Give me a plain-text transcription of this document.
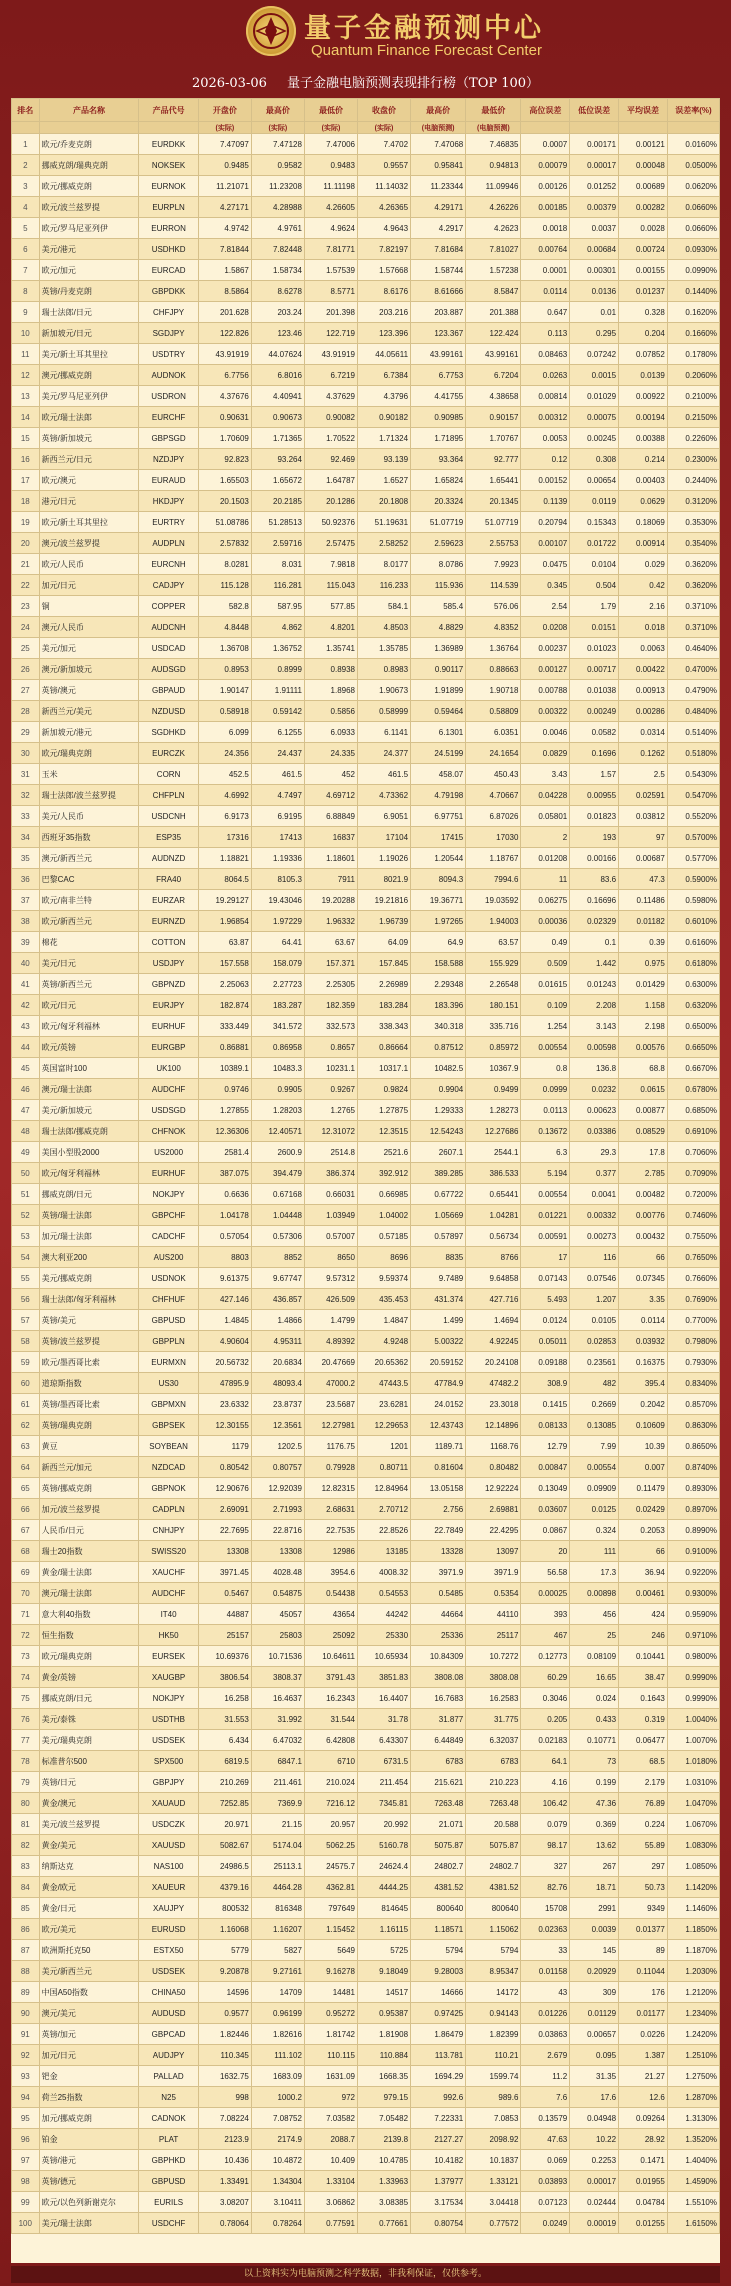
量子金融预测中心
Quantum Finance Forecast Center
2026-03-06 量子金融电脑预测表现排行榜（TOP 100）
排名	产品名称	产品代号	开盘价	最高价	最低价	收盘价	最高价	最低价	高位误差	低位误差	平均误差	误差率(%)
			(实际)	(实际)	(实际)	(实际)	(电脑预测)	(电脑预测)				
1	欧元/乔麦克朗	EURDKK	7.47097	7.47128	7.47006	7.4702	7.47068	7.46835	0.0007	0.00171	0.00121	0.0160%
2	挪威克朗/瑞典克朗	NOKSEK	0.9485	0.9582	0.9483	0.9557	0.95841	0.94813	0.00079	0.00017	0.00048	0.0500%
3	欧元/挪威克朗	EURNOK	11.21071	11.23208	11.11198	11.14032	11.23344	11.09946	0.00126	0.01252	0.00689	0.0620%
4	欧元/波兰兹罗提	EURPLN	4.27171	4.28988	4.26605	4.26365	4.29171	4.26226	0.00185	0.00379	0.00282	0.0660%
5	欧元/罗马尼亚列伊	EURRON	4.9742	4.9761	4.9624	4.9643	4.2917	4.2623	0.0018	0.0037	0.0028	0.0660%
6	美元/港元	USDHKD	7.81844	7.82448	7.81771	7.82197	7.81684	7.81027	0.00764	0.00684	0.00724	0.0930%
7	欧元/加元	EURCAD	1.5867	1.58734	1.57539	1.57668	1.58744	1.57238	0.0001	0.00301	0.00155	0.0990%
8	英镑/丹麦克朗	GBPDKK	8.5864	8.6278	8.5771	8.6176	8.61666	8.5847	0.0114	0.0136	0.01237	0.1440%
9	瑞士法郎/日元	CHFJPY	201.628	203.24	201.398	203.216	203.887	201.388	0.647	0.01	0.328	0.1620%
10	新加坡元/日元	SGDJPY	122.826	123.46	122.719	123.396	123.367	122.424	0.113	0.295	0.204	0.1660%
11	美元/新土耳其里拉	USDTRY	43.91919	44.07624	43.91919	44.05611	43.99161	43.99161	0.08463	0.07242	0.07852	0.1780%
12	澳元/挪威克朗	AUDNOK	6.7756	6.8016	6.7219	6.7384	6.7753	6.7204	0.0263	0.0015	0.0139	0.2060%
13	美元/罗马尼亚列伊	USDRON	4.37676	4.40941	4.37629	4.3796	4.41755	4.38658	0.00814	0.01029	0.00922	0.2100%
14	欧元/瑞士法郎	EURCHF	0.90631	0.90673	0.90082	0.90182	0.90985	0.90157	0.00312	0.00075	0.00194	0.2150%
15	英镑/新加坡元	GBPSGD	1.70609	1.71365	1.70522	1.71324	1.71895	1.70767	0.0053	0.00245	0.00388	0.2260%
16	新西兰元/日元	NZDJPY	92.823	93.264	92.469	93.139	93.364	92.777	0.12	0.308	0.214	0.2300%
17	欧元/澳元	EURAUD	1.65503	1.65672	1.64787	1.6527	1.65824	1.65441	0.00152	0.00654	0.00403	0.2440%
18	港元/日元	HKDJPY	20.1503	20.2185	20.1286	20.1808	20.3324	20.1345	0.1139	0.0119	0.0629	0.3120%
19	欧元/新土耳其里拉	EURTRY	51.08786	51.28513	50.92376	51.19631	51.07719	51.07719	0.20794	0.15343	0.18069	0.3530%
20	澳元/波兰兹罗提	AUDPLN	2.57832	2.59716	2.57475	2.58252	2.59623	2.55753	0.00107	0.01722	0.00914	0.3540%
21	欧元/人民币	EURCNH	8.0281	8.031	7.9818	8.0177	8.0786	7.9923	0.0475	0.0104	0.029	0.3620%
22	加元/日元	CADJPY	115.128	116.281	115.043	116.233	115.936	114.539	0.345	0.504	0.42	0.3620%
23	铜	COPPER	582.8	587.95	577.85	584.1	585.4	576.06	2.54	1.79	2.16	0.3710%
24	澳元/人民币	AUDCNH	4.8448	4.862	4.8201	4.8503	4.8829	4.8352	0.0208	0.0151	0.018	0.3710%
25	美元/加元	USDCAD	1.36708	1.36752	1.35741	1.35785	1.36989	1.36764	0.00237	0.01023	0.0063	0.4640%
26	澳元/新加坡元	AUDSGD	0.8953	0.8999	0.8938	0.8983	0.90117	0.88663	0.00127	0.00717	0.00422	0.4700%
27	英镑/澳元	GBPAUD	1.90147	1.91111	1.8968	1.90673	1.91899	1.90718	0.00788	0.01038	0.00913	0.4790%
28	新西兰元/美元	NZDUSD	0.58918	0.59142	0.5856	0.58999	0.59464	0.58809	0.00322	0.00249	0.00286	0.4840%
29	新加坡元/港元	SGDHKD	6.099	6.1255	6.0933	6.1141	6.1301	6.0351	0.0046	0.0582	0.0314	0.5140%
30	欧元/瑞典克朗	EURCZK	24.356	24.437	24.335	24.377	24.5199	24.1654	0.0829	0.1696	0.1262	0.5180%
31	玉米	CORN	452.5	461.5	452	461.5	458.07	450.43	3.43	1.57	2.5	0.5430%
32	瑞士法郎/波兰兹罗提	CHFPLN	4.6992	4.7497	4.69712	4.73362	4.79198	4.70667	0.04228	0.00955	0.02591	0.5470%
33	美元/人民币	USDCNH	6.9173	6.9195	6.88849	6.9051	6.97751	6.87026	0.05801	0.01823	0.03812	0.5520%
34	西班牙35指数	ESP35	17316	17413	16837	17104	17415	17030	2	193	97	0.5700%
35	澳元/新西兰元	AUDNZD	1.18821	1.19336	1.18601	1.19026	1.20544	1.18767	0.01208	0.00166	0.00687	0.5770%
36	巴黎CAC	FRA40	8064.5	8105.3	7911	8021.9	8094.3	7994.6	11	83.6	47.3	0.5900%
37	欧元/南非兰特	EURZAR	19.29127	19.43046	19.20288	19.21816	19.36771	19.03592	0.06275	0.16696	0.11486	0.5980%
38	欧元/新西兰元	EURNZD	1.96854	1.97229	1.96332	1.96739	1.97265	1.94003	0.00036	0.02329	0.01182	0.6010%
39	棉花	COTTON	63.87	64.41	63.67	64.09	64.9	63.57	0.49	0.1	0.39	0.6160%
40	美元/日元	USDJPY	157.558	158.079	157.371	157.845	158.588	155.929	0.509	1.442	0.975	0.6180%
41	英镑/新西兰元	GBPNZD	2.25063	2.27723	2.25305	2.26989	2.29348	2.26548	0.01615	0.01243	0.01429	0.6300%
42	欧元/日元	EURJPY	182.874	183.287	182.359	183.284	183.396	180.151	0.109	2.208	1.158	0.6320%
43	欧元/匈牙利福林	EURHUF	333.449	341.572	332.573	338.343	340.318	335.716	1.254	3.143	2.198	0.6500%
44	欧元/英镑	EURGBP	0.86881	0.86958	0.8657	0.86664	0.87512	0.85972	0.00554	0.00598	0.00576	0.6650%
45	英国富时100	UK100	10389.1	10483.3	10231.1	10317.1	10482.5	10367.9	0.8	136.8	68.8	0.6670%
46	澳元/瑞士法郎	AUDCHF	0.9746	0.9905	0.9267	0.9824	0.9904	0.9499	0.0999	0.0232	0.0615	0.6780%
47	美元/新加坡元	USDSGD	1.27855	1.28203	1.2765	1.27875	1.29333	1.28273	0.0113	0.00623	0.00877	0.6850%
48	瑞士法郎/挪威克朗	CHFNOK	12.36306	12.40571	12.31072	12.3515	12.54243	12.27686	0.13672	0.03386	0.08529	0.6910%
49	美国小型股2000	US2000	2581.4	2600.9	2514.8	2521.6	2607.1	2544.1	6.3	29.3	17.8	0.7060%
50	欧元/匈牙利福林	EURHUF	387.075	394.479	386.374	392.912	389.285	386.533	5.194	0.377	2.785	0.7090%
51	挪威克朗/日元	NOKJPY	0.6636	0.67168	0.66031	0.66985	0.67722	0.65441	0.00554	0.0041	0.00482	0.7200%
52	英镑/瑞士法郎	GBPCHF	1.04178	1.04448	1.03949	1.04002	1.05669	1.04281	0.01221	0.00332	0.00776	0.7460%
53	加元/瑞士法郎	CADCHF	0.57054	0.57306	0.57007	0.57185	0.57897	0.56734	0.00591	0.00273	0.00432	0.7550%
54	澳大利亚200	AUS200	8803	8852	8650	8696	8835	8766	17	116	66	0.7650%
55	美元/挪威克朗	USDNOK	9.61375	9.67747	9.57312	9.59374	9.7489	9.64858	0.07143	0.07546	0.07345	0.7660%
56	瑞士法郎/匈牙利福林	CHFHUF	427.146	436.857	426.509	435.453	431.374	427.716	5.493	1.207	3.35	0.7690%
57	英镑/美元	GBPUSD	1.4845	1.4866	1.4799	1.4847	1.499	1.4694	0.0124	0.0105	0.0114	0.7700%
58	英镑/波兰兹罗提	GBPPLN	4.90604	4.95311	4.89392	4.9248	5.00322	4.92245	0.05011	0.02853	0.03932	0.7980%
59	欧元/墨西哥比索	EURMXN	20.56732	20.6834	20.47669	20.65362	20.59152	20.24108	0.09188	0.23561	0.16375	0.7930%
60	道琼斯指数	US30	47895.9	48093.4	47000.2	47443.5	47784.9	47482.2	308.9	482	395.4	0.8340%
61	英镑/墨西哥比索	GBPMXN	23.6332	23.8737	23.5687	23.6281	24.0152	23.3018	0.1415	0.2669	0.2042	0.8570%
62	英镑/瑞典克朗	GBPSEK	12.30155	12.3561	12.27981	12.29653	12.43743	12.14896	0.08133	0.13085	0.10609	0.8630%
63	黄豆	SOYBEAN	1179	1202.5	1176.75	1201	1189.71	1168.76	12.79	7.99	10.39	0.8650%
64	新西兰元/加元	NZDCAD	0.80542	0.80757	0.79928	0.80711	0.81604	0.80482	0.00847	0.00554	0.007	0.8740%
65	英镑/挪威克朗	GBPNOK	12.90676	12.92039	12.82315	12.84964	13.05158	12.92224	0.13049	0.09909	0.11479	0.8930%
66	加元/波兰兹罗提	CADPLN	2.69091	2.71993	2.68631	2.70712	2.756	2.69881	0.03607	0.0125	0.02429	0.8970%
67	人民币/日元	CNHJPY	22.7695	22.8716	22.7535	22.8526	22.7849	22.4295	0.0867	0.324	0.2053	0.8990%
68	瑞士20指数	SWISS20	13308	13308	12986	13185	13328	13097	20	111	66	0.9100%
69	黄金/瑞士法郎	XAUCHF	3971.45	4028.48	3954.6	4008.32	3971.9	3971.9	56.58	17.3	36.94	0.9220%
70	澳元/瑞士法郎	AUDCHF	0.5467	0.54875	0.54438	0.54553	0.5485	0.5354	0.00025	0.00898	0.00461	0.9300%
71	意大利40指数	IT40	44887	45057	43654	44242	44664	44110	393	456	424	0.9590%
72	恒生指数	HK50	25157	25803	25092	25330	25336	25117	467	25	246	0.9710%
73	欧元/瑞典克朗	EURSEK	10.69376	10.71536	10.64611	10.65934	10.84309	10.7272	0.12773	0.08109	0.10441	0.9800%
74	黄金/英镑	XAUGBP	3806.54	3808.37	3791.43	3851.83	3808.08	3808.08	60.29	16.65	38.47	0.9990%
75	挪威克朗/日元	NOKJPY	16.258	16.4637	16.2343	16.4407	16.7683	16.2583	0.3046	0.024	0.1643	0.9990%
76	美元/泰铢	USDTHB	31.553	31.992	31.544	31.78	31.877	31.775	0.205	0.433	0.319	1.0040%
77	美元/瑞典克朗	USDSEK	6.434	6.47032	6.42808	6.43307	6.44849	6.32037	0.02183	0.10771	0.06477	1.0070%
78	标准普尔500	SPX500	6819.5	6847.1	6710	6731.5	6783	6783	64.1	73	68.5	1.0180%
79	英镑/日元	GBPJPY	210.269	211.461	210.024	211.454	215.621	210.223	4.16	0.199	2.179	1.0310%
80	黄金/澳元	XAUAUD	7252.85	7369.9	7216.12	7345.81	7263.48	7263.48	106.42	47.36	76.89	1.0470%
81	美元/波兰兹罗提	USDCZK	20.971	21.15	20.957	20.992	21.071	20.588	0.079	0.369	0.224	1.0670%
82	黄金/美元	XAUUSD	5082.67	5174.04	5062.25	5160.78	5075.87	5075.87	98.17	13.62	55.89	1.0830%
83	纳斯达克	NAS100	24986.5	25113.1	24575.7	24624.4	24802.7	24802.7	327	267	297	1.0850%
84	黄金/欧元	XAUEUR	4379.16	4464.28	4362.81	4444.25	4381.52	4381.52	82.76	18.71	50.73	1.1420%
85	黄金/日元	XAUJPY	800532	816348	797649	814645	800640	800640	15708	2991	9349	1.1460%
86	欧元/美元	EURUSD	1.16068	1.16207	1.15452	1.16115	1.18571	1.15062	0.02363	0.0039	0.01377	1.1850%
87	欧洲斯托克50	ESTX50	5779	5827	5649	5725	5794	5794	33	145	89	1.1870%
88	美元/新西兰元	USDSEK	9.20878	9.27161	9.16278	9.18049	9.28003	8.95347	0.01158	0.20929	0.11044	1.2030%
89	中国A50指数	CHINA50	14596	14709	14481	14517	14666	14172	43	309	176	1.2120%
90	澳元/美元	AUDUSD	0.9577	0.96199	0.95272	0.95387	0.97425	0.94143	0.01226	0.01129	0.01177	1.2340%
91	英镑/加元	GBPCAD	1.82446	1.82616	1.81742	1.81908	1.86479	1.82399	0.03863	0.00657	0.0226	1.2420%
92	加元/日元	AUDJPY	110.345	111.102	110.115	110.884	113.781	110.21	2.679	0.095	1.387	1.2510%
93	钯金	PALLAD	1632.75	1683.09	1631.09	1668.35	1694.29	1599.74	11.2	31.35	21.27	1.2750%
94	荷兰25指数	N25	998	1000.2	972	979.15	992.6	989.6	7.6	17.6	12.6	1.2870%
95	加元/挪威克朗	CADNOK	7.08224	7.08752	7.03582	7.05482	7.22331	7.0853	0.13579	0.04948	0.09264	1.3130%
96	铂金	PLAT	2123.9	2174.9	2088.7	2139.8	2127.27	2098.92	47.63	10.22	28.92	1.3520%
97	英镑/港元	GBPHKD	10.436	10.4872	10.409	10.4785	10.4182	10.1837	0.069	0.2253	0.1471	1.4040%
98	英镑/德元	GBPUSD	1.33491	1.34304	1.33104	1.33963	1.37977	1.33121	0.03893	0.00017	0.01955	1.4590%
99	欧元/以色列新谢克尔	EURILS	3.08207	3.10411	3.06862	3.08385	3.17534	3.04418	0.07123	0.02444	0.04784	1.5510%
100	美元/瑞士法郎	USDCHF	0.78064	0.78264	0.77591	0.77661	0.80754	0.77572	0.0249	0.00019	0.01255	1.6150%
以上资料实为电脑预测之科学数据，非我利保证，仅供参考。
